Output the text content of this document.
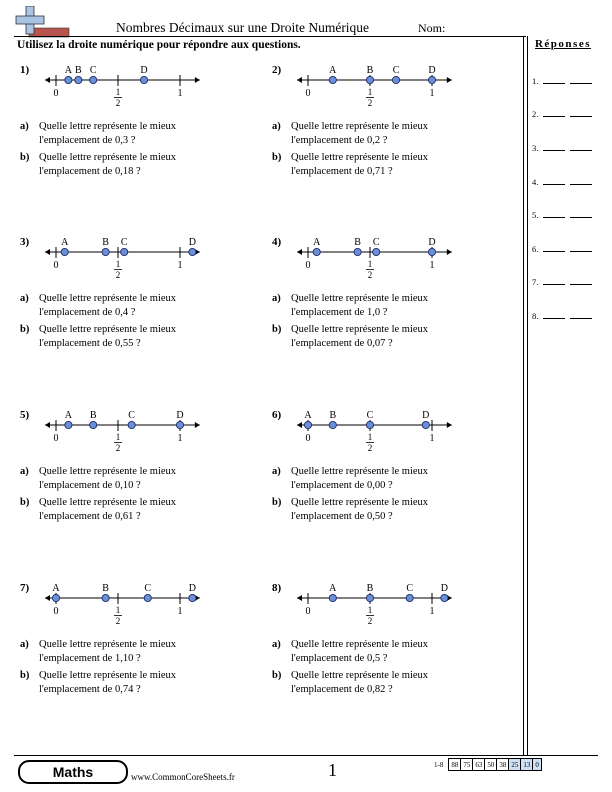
Nombres Décimaux sur une Droite Numérique	Nom:
Utilisez la droite numérique pour répondre aux questions.	Réponses
1.
2.
3.
4.
5.
6.
7.
8.
1)
0	1
1
2
A B C	D
a) Quelle lettre représente le mieux
l'emplacement de 0,3 ?
b) Quelle lettre représente le mieux
l'emplacement de 0,18 ?
2)
0	1
1
2
A	B C	D
a) Quelle lettre représente le mieux
l'emplacement de 0,2 ?
b) Quelle lettre représente le mieux
l'emplacement de 0,71 ?
3)
0	1
1
2
A	B C	D
a) Quelle lettre représente le mieux
l'emplacement de 0,4 ?
b) Quelle lettre représente le mieux
l'emplacement de 0,55 ?
4)
0	1
1
2
A	B C	D
a) Quelle lettre représente le mieux
l'emplacement de 1,0 ?
b) Quelle lettre représente le mieux
l'emplacement de 0,07 ?
5)
0	1
1
2
A B	C	D
a) Quelle lettre représente le mieux
l'emplacement de 0,10 ?
b) Quelle lettre représente le mieux
l'emplacement de 0,61 ?
6)
0	1
1
2
A B	C	D
a) Quelle lettre représente le mieux
l'emplacement de 0,00 ?
b) Quelle lettre représente le mieux
l'emplacement de 0,50 ?
7)
0	1
1
2
A	B	C	D
a) Quelle lettre représente le mieux
l'emplacement de 1,10 ?
b) Quelle lettre représente le mieux
l'emplacement de 0,74 ?
8)
0	1
1
2
A	B	C	D
a) Quelle lettre représente le mieux
l'emplacement de 0,5 ?
b) Quelle lettre représente le mieux
l'emplacement de 0,82 ?
Maths	www.CommonCoreSheets.fr	1	1-8	88	75	63	50	38	25	13	0
